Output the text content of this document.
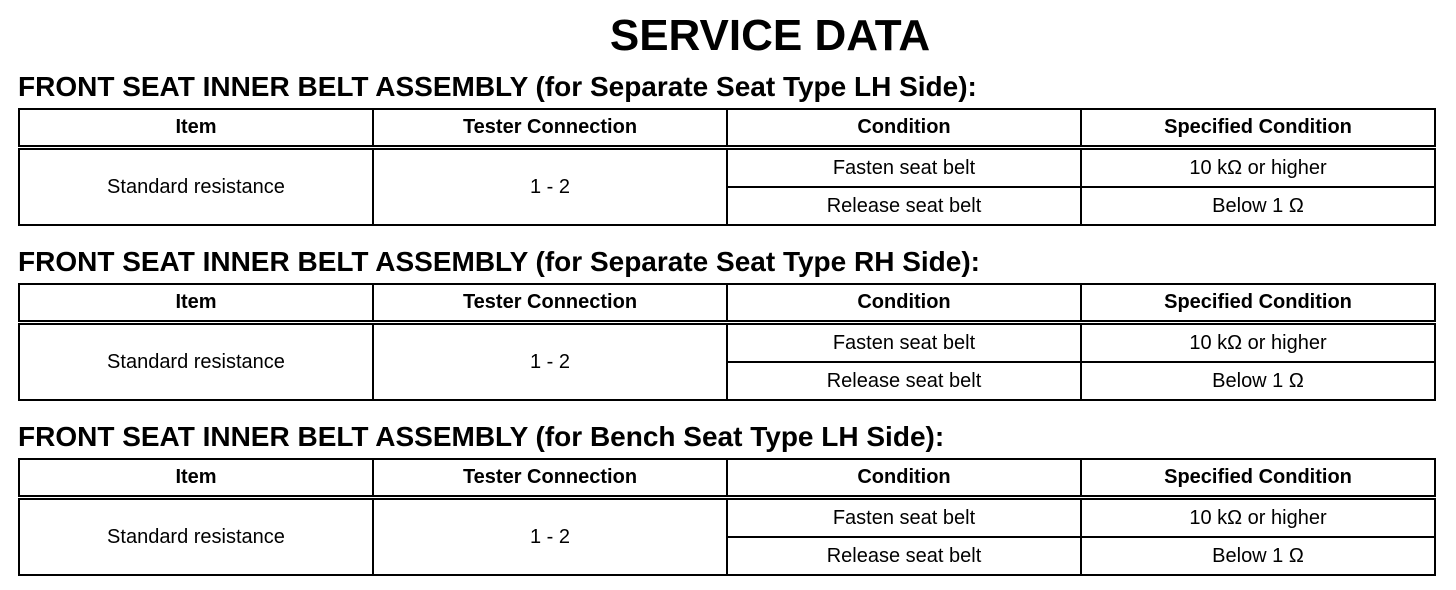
SERVICE DATA
FRONT SEAT INNER BELT ASSEMBLY (for Separate Seat Type LH Side):
Item	Tester Connection	Condition	Specified Condition
Standard resistance	1 - 2	Fasten seat belt	10 kΩ or higher
		Release seat belt	Below 1 Ω
FRONT SEAT INNER BELT ASSEMBLY (for Separate Seat Type RH Side):
Item	Tester Connection	Condition	Specified Condition
Standard resistance	1 - 2	Fasten seat belt	10 kΩ or higher
		Release seat belt	Below 1 Ω
FRONT SEAT INNER BELT ASSEMBLY (for Bench Seat Type LH Side):
Item	Tester Connection	Condition	Specified Condition
Standard resistance	1 - 2	Fasten seat belt	10 kΩ or higher
		Release seat belt	Below 1 Ω
